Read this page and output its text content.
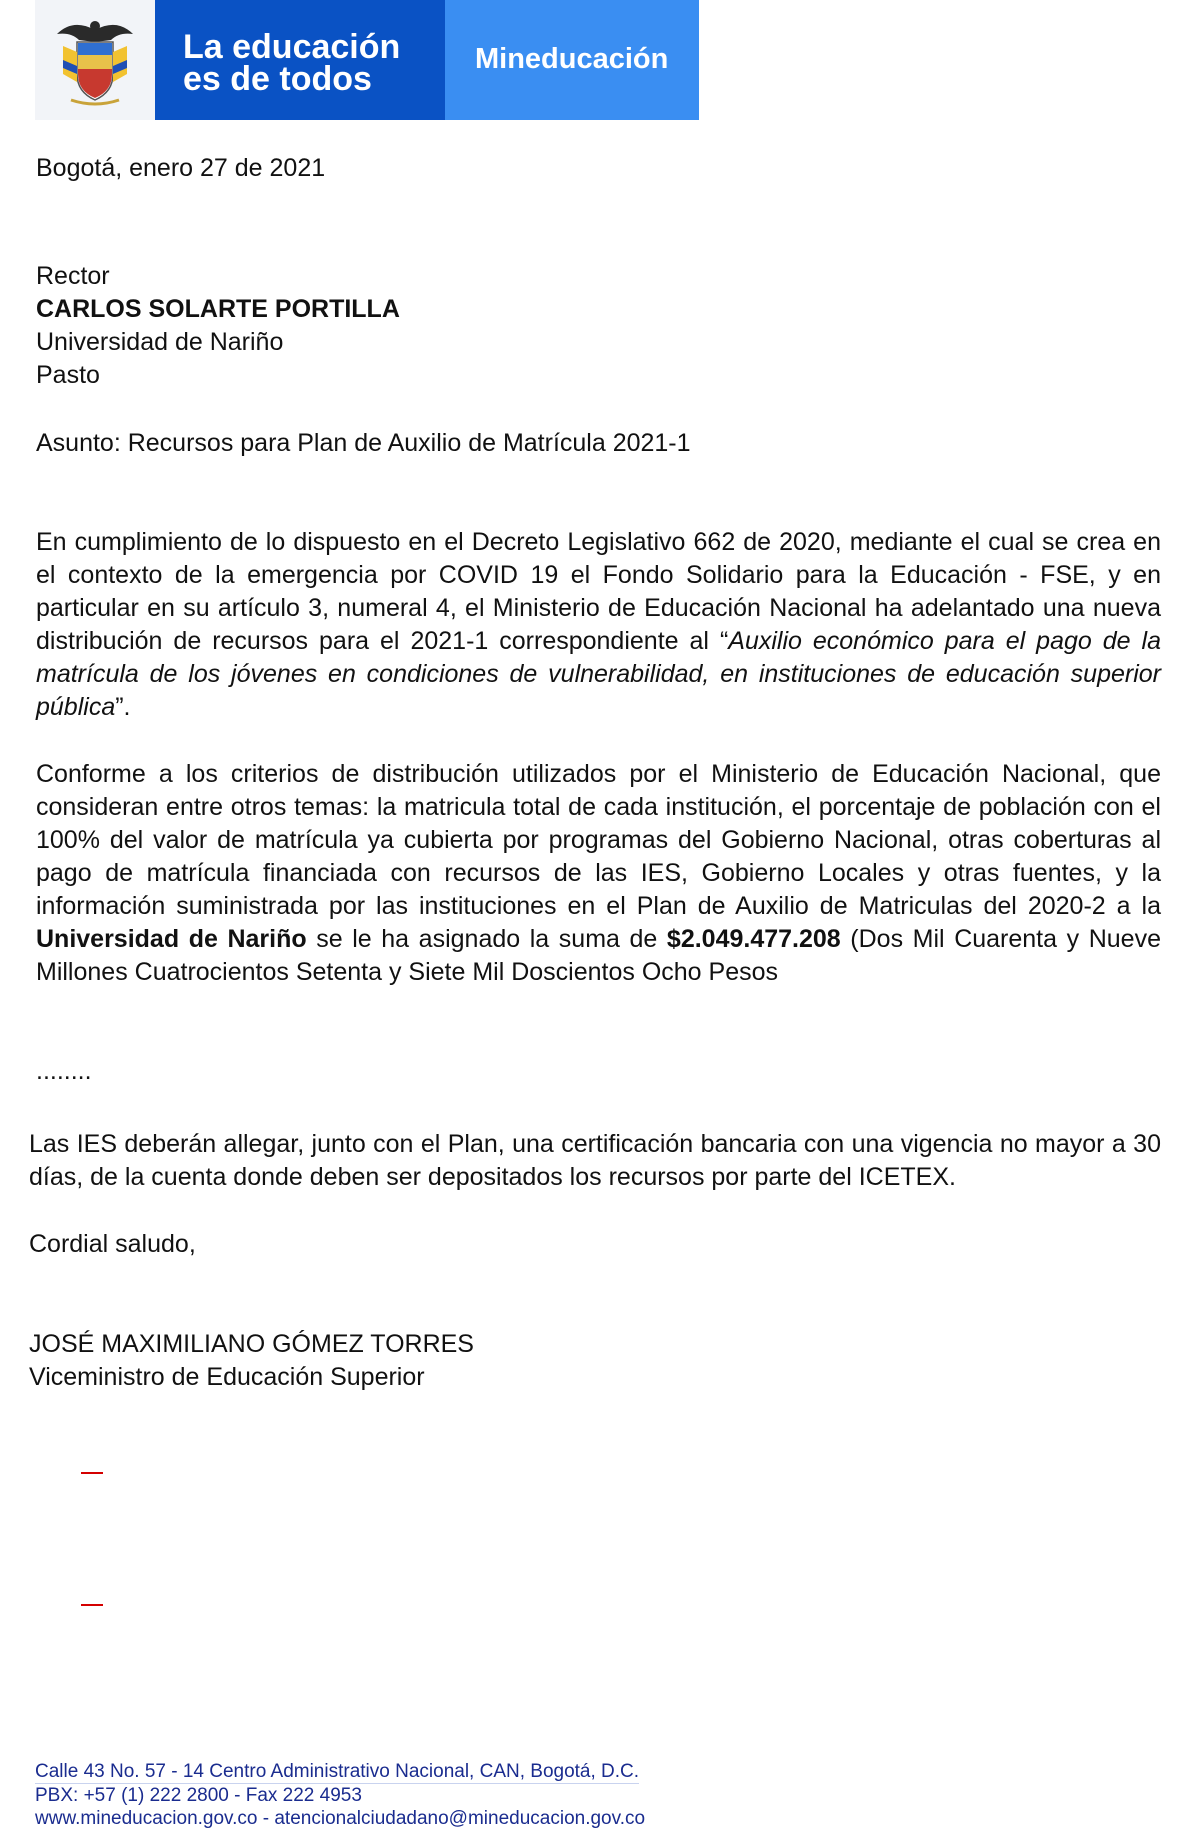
La educación
es de todos
Mineducación

Bogotá, enero 27 de 2021

Rector

CARLOS SOLARTE PORTILLA

Universidad de Nariño

Pasto

Asunto: Recursos para Plan de Auxilio de Matrícula 2021-1

En cumplimiento de lo dispuesto en el Decreto Legislativo 662 de 2020, mediante el cual se crea en el contexto de la emergencia por COVID 19 el Fondo Solidario para la Educación - FSE, y en particular en su artículo 3, numeral 4, el Ministerio de Educación Nacional ha adelantado una nueva distribución de recursos para el 2021-1 correspondiente al “Auxilio económico para el pago de la matrícula de los jóvenes en condiciones de vulnerabilidad, en instituciones de educación superior pública”.

Conforme a los criterios de distribución utilizados por el Ministerio de Educación Nacional, que consideran entre otros temas: la matricula total de cada institución, el porcentaje de población con el 100% del valor de matrícula ya cubierta por programas del Gobierno Nacional, otras coberturas al pago de matrícula financiada con recursos de las IES, Gobierno Locales y otras fuentes, y la información suministrada por las instituciones en el Plan de Auxilio de Matriculas del 2020-2 a la Universidad de Nariño se le ha asignado la suma de $2.049.477.208 (Dos Mil Cuarenta y Nueve Millones Cuatrocientos Setenta y Siete Mil Doscientos Ocho Pesos

........

Las IES deberán allegar, junto con el Plan, una certificación bancaria con una vigencia no mayor a 30 días, de la cuenta donde deben ser depositados los recursos por parte del ICETEX.

Cordial saludo,

JOSÉ MAXIMILIANO GÓMEZ TORRES

Viceministro de Educación Superior

Calle 43 No. 57 - 14 Centro Administrativo Nacional, CAN, Bogotá, D.C.
PBX: +57 (1) 222 2800 - Fax 222 4953
www.mineducacion.gov.co - atencionalciudadano@mineducacion.gov.co
